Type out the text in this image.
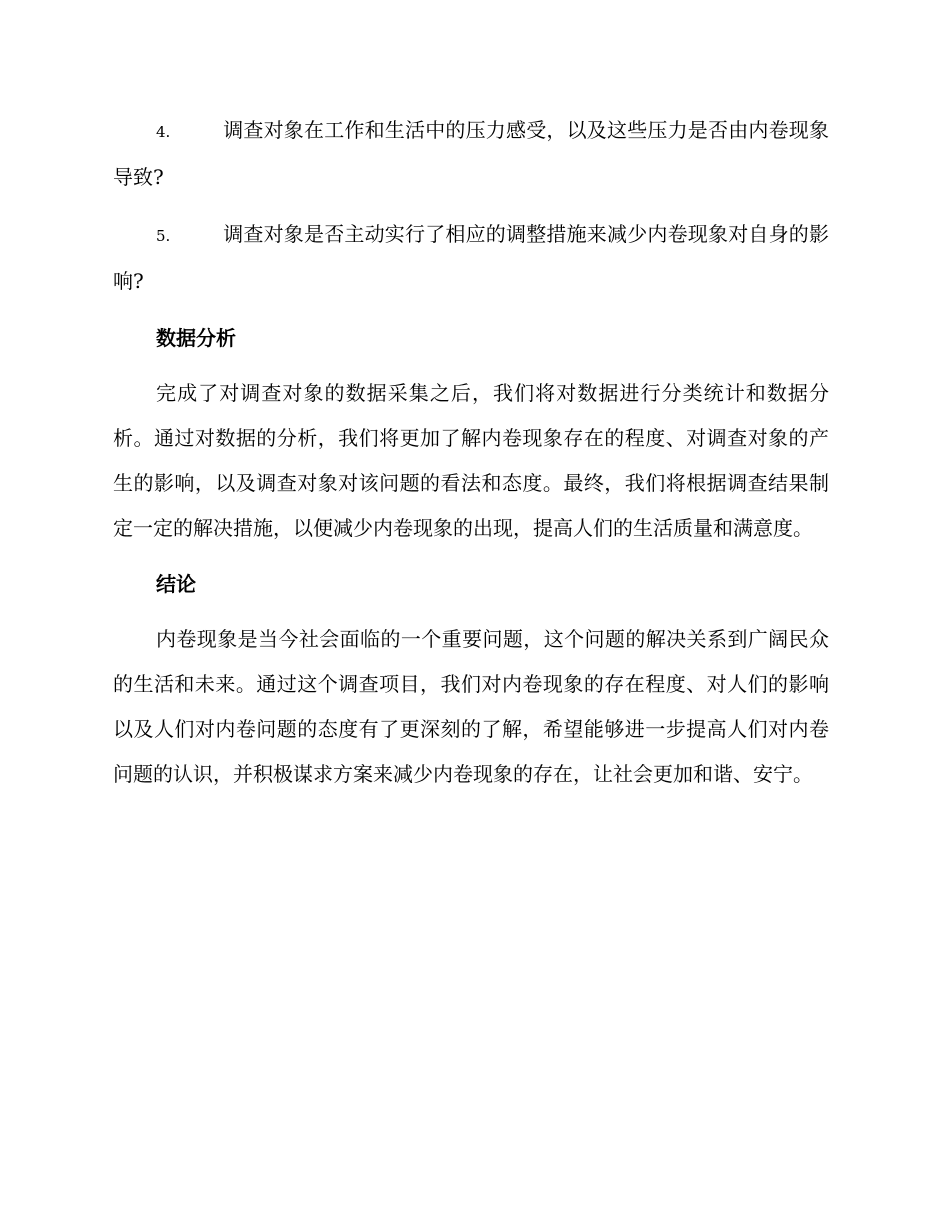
4.	调查对象在工作和生活中的压力感受，以及这些压力是否由内卷现象导致?

5.	调查对象是否主动实行了相应的调整措施来减少内卷现象对自身的影响?

数据分析

完成了对调查对象的数据采集之后，我们将对数据进行分类统计和数据分析。通过对数据的分析，我们将更加了解内卷现象存在的程度、对调查对象的产生的影响，以及调查对象对该问题的看法和态度。最终，我们将根据调查结果制定一定的解决措施，以便减少内卷现象的出现，提高人们的生活质量和满意度。

结论

内卷现象是当今社会面临的一个重要问题，这个问题的解决关系到广阔民众的生活和未来。通过这个调查项目，我们对内卷现象的存在程度、对人们的影响以及人们对内卷问题的态度有了更深刻的了解，希望能够进一步提高人们对内卷问题的认识，并积极谋求方案来减少内卷现象的存在，让社会更加和谐、安宁。
